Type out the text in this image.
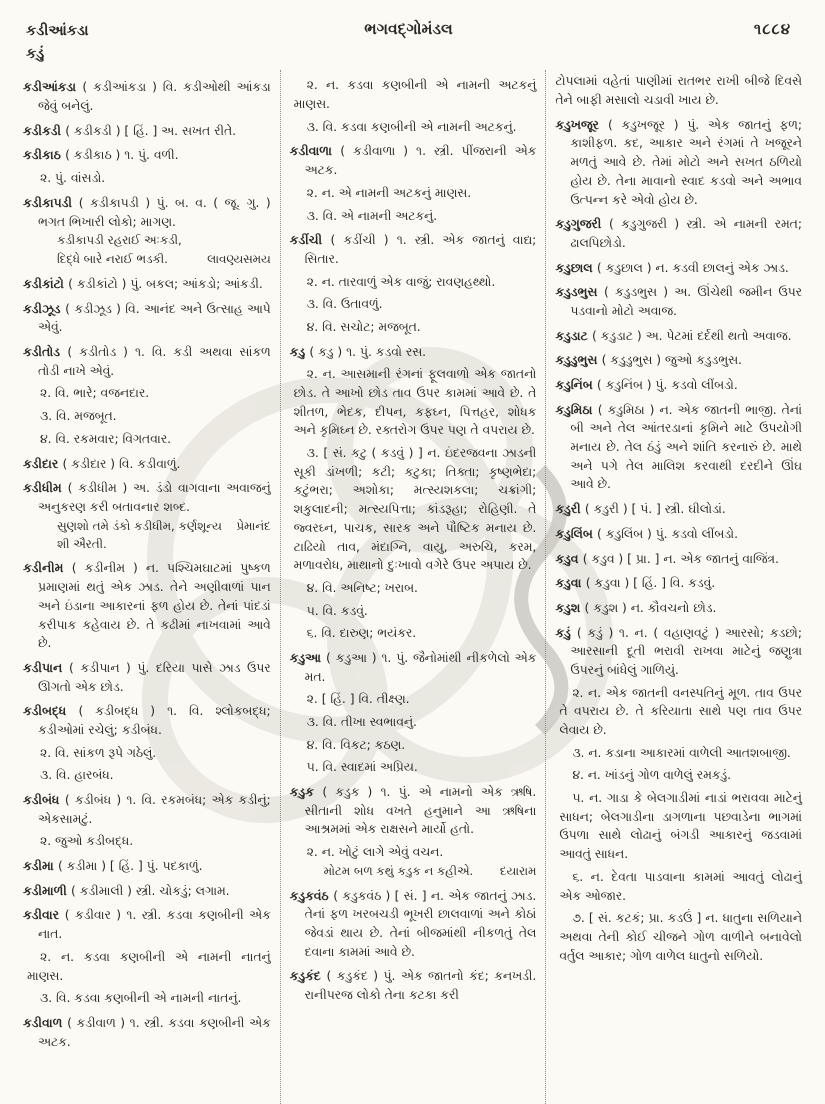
કડીઆંકડા
કડું
ભગવદ્ગોમંડલ	૧૮૮૪
કડીઆંકડા ( કડીઆંકડા ) વિ. કડીઓથી આંકડા જેવું બનેલું.
કડીકડી ( કડીકડી ) [ હિં. ] અ. સખત રીતે.
કડીકાઠ ( કડીકાઠ ) ૧. પું. વળી.
૨. પું. વાંસડો.
કડીકાપડી ( કડીકાપડી ) પું. બ. વ. ( જૂ. ગુ. ) ભગત ભિખારી લોકો; માગણ.
કડીકાપડી રહરાઈ અઃકડી,
લાવણ્યસમય
દિદ્ધે બારે નરાઈ ભડકી.
કડીકાંટો ( કડીકાંટો ) પું. બકલ; આંકડો; આંકડી.
કડીઝૂડ ( કડીઝૂડ ) વિ. આનંદ અને ઉત્સાહ આપે એવું.
કડીતોડ ( કડીતોડ ) ૧. વિ. કડી અથવા સાંકળ તોડી નાખે એવું.
૨. વિ. ભારે; વજનદાર.
૩. વિ. મજબૂત.
૪. વિ. રકમવાર; વિગતવાર.
કડીદાર ( કડીદાર ) વિ. કડીવાળું.
કડીધીમ ( કડીધીમ ) અ. ડંડો વાગવાના અવાજનું અનુકરણ કરી બતાવનાર શબ્દ.
પ્રેમાનંદ
સુણશો તમે ડંકો કડીધીમ, કર્ણશૂન્ય શી ઐરતી.
કડીનીમ ( કડીનીમ ) ન. પશ્ચિમઘાટમાં પુષ્કળ પ્રમાણમાં થતું એક ઝાડ. તેને અણીવાળાં પાન અને ઇંડાના આકારનાં ફળ હોય છે. તેનાં પાંદડાં કરીપાક કહેવાય છે. તે કઢીમાં નાખવામાં આવે છે.
કડીપાન ( કડીપાન ) પું. દરિયા પાસે ઝાડ ઉપર ઊગતો એક છોડ.
કડીબદ્ધ ( કડીબદ્ધ ) ૧. વિ. શ્લોકબદ્ધ; કડીઓમાં રચેલું; કડીબંધ.
૨. વિ. સાંકળ રૂપે ગઠેલું.
૩. વિ. હારબંધ.
કડીબંધ ( કડીબંધ ) ૧. વિ. રકમબંધ; એક કડીનું; એકસામટું.
૨. જુઓ કડીબદ્ધ.
કડીમા ( કડીમા ) [ હિં. ] પું. પદકાળું.
કડીમાળી ( કડીમાલી ) સ્ત્રી. ચોકડું; લગામ.
કડીવાર ( કડીવાર ) ૧. સ્ત્રી. કડવા કણબીની એક નાત.
૨. ન. કડવા કણબીની એ નામની નાતનું માણસ.
૩. વિ. કડવા કણબીની એ નામની નાતનું.
કડીવાળ ( કડીવાળ ) ૧. સ્ત્રી. કડવા કણબીની એક અટક.
૨. ન. કડવા કણબીની એ નામની અટકનું માણસ.
૩. વિ. કડવા કણબીની એ નામની અટકનું.
કડીવાળા ( કડીવાળા ) ૧. સ્ત્રી. પીંજરાની એક અટક.
૨. ન. એ નામની અટકનું માણસ.
૩. વિ. એ નામની અટકનું.
કડીંચી ( કડીંચી ) ૧. સ્ત્રી. એક જાતનું વાદ્ય; સિતાર.
૨. ન. તારવાળું એક વાજું; રાવણહથ્થો.
૩. વિ. ઉતાવળું.
૪. વિ. સચોટ; મજબૂત.
કડુ ( કડુ ) ૧. પું. કડવો રસ.
૨. ન. આસમાની રંગનાં ફૂલવાળો એક જાતનો છોડ. તે આખો છોડ તાવ ઉપર કામમાં આવે છે. તે શીતળ, ભેદક, દીપન, કફઘ્ન, પિત્તહર, શોધક અને કૃમિઘ્ન છે. રક્તરોગ ઉપર પણ તે વપરાય છે.
૩. [ સં. કટુ ( કડવું ) ] ન. ઇંદરજવના ઝાડની સૂકી ડાંખળી; કટી; કટુકા; તિક્તા; કૃષ્ણભેદા; કટુંભરા; અશોકા; મત્સ્યશકલા; ચક્રાંગી; શકુલાદની; મત્સ્યપિત્તા; કાંડરૂહા; રોહિણી. તે જ્વરઘ્ન, પાચક, સારક અને પૌષ્ટિક મનાય છે. ટાઢિયો તાવ, મંદાગ્નિ, વાયુ, અરુચિ, કરમ, મળાવરોધ, માથાનો દુઃખાવો વગેરે ઉપર અપાય છે.
૪. વિ. અનિષ્ટ; ખરાબ.
૫. વિ. કડવું.
૬. વિ. દારુણ; ભયંકર.
કડુઆ ( કડુઆ ) ૧. પું. જૈનોમાંથી નીકળેલો એક મત.
૨. [ હિં. ] વિ. તીક્ષ્ણ.
૩. વિ. તીખા સ્વભાવનું.
૪. વિ. વિકટ; કઠણ.
૫. વિ. સ્વાદમાં અપ્રિય.
કડુક ( કડુક ) ૧. પું. એ નામનો એક ઋષિ. સીતાની શોધ વખતે હનુમાને આ ઋષિના આશ્રમમાં એક રાક્ષસને માર્યો હતો.
૨. ન. ખોટું લાગે એવું વચન.
દયારામ
મોટમ બળ કથું કડુક ન કહીએ.
કડુકવંઠ ( કડુકવંઠ ) [ સં. ] ન. એક જાતનું ઝાડ. તેનાં ફળ ખરબચડી ભૂખરી છાલવાળાં અને કોઠાં જેવડાં થાય છે. તેનાં બીજમાંથી નીકળતું તેલ દવાના કામમાં આવે છે.
કડુકંદ ( કડુકંદ ) પું. એક જાતનો કંદ; કનખડી. રાનીપરજ લોકો તેના કટકા કરી
ટોપલામાં વહેતાં પાણીમાં રાતભર રાખી બીજે દિવસે તેને બાફી મસાલો ચડાવી ખાય છે.
કડુખજૂર ( કડુખજૂર ) પું. એક જાતનું ફળ; કાશીફળ. કદ, આકાર અને રંગમાં તે ખજૂરને મળતું આવે છે. તેમાં મોટો અને સખત ઠળિયો હોય છે. તેના માવાનો સ્વાદ કડવો અને અભાવ ઉત્પન્ન કરે એવો હોય છે.
કડુગુજરી ( કડુગુજરી ) સ્ત્રી. એ નામની રમત; ઢાલપિછોડો.
કડુછાલ ( કડુછાલ ) ન. કડવી છાલનું એક ઝાડ.
કડુડભુસ ( કડુડભુસ ) અ. ઊંચેથી જમીન ઉપર પડવાનો મોટો અવાજ.
કડુડાટ ( કડુડાટ ) અ. પેટમાં દર્દથી થતો અવાજ.
કડુડુભુસ ( કડુડુભુસ ) જુઓ કડુડભુસ.
કડુનિંબ ( કડુનિંબ ) પું. કડવો લીંબડો.
કડુમિઠા ( કડુમિઠા ) ન. એક જાતની ભાજી. તેનાં બી અને તેલ આંતરડાનાં કૃમિને માટે ઉપયોગી મનાય છે. તેલ ઠંડું અને શાંતિ કરનારું છે. માથે અને પગે તેલ માલિશ કરવાથી દરદીને ઊંઘ આવે છે.
કડુરી ( કડુરી ) [ પં. ] સ્ત્રી. ઘીલોડાં.
કડુલિંબ ( કડુલિંબ ) પું. કડવો લીંબડો.
કડુવ ( કડુવ ) [ પ્રા. ] ન. એક જાતનું વાજિંત્ર.
કડુવા ( કડુવા ) [ હિં. ] વિ. કડવું.
કડુશ ( કડુશ ) ન. કૌવચનો છોડ.
કડું ( કડું ) ૧. ન. ( વહાણવટું ) આરસો; કડછો; આરસાની દૂતી ભરાવી રાખવા માટેનું જણુત્રા ઉપરનું બાંધેલું ગાળિયું.
૨. ન. એક જાતની વનસ્પતિનું મૂળ. તાવ ઉપર તે વપરાય છે. તે કરિયાતા સાથે પણ તાવ ઉપર લેવાય છે.
૩. ન. કડાના આકારમાં વાળેલી આતશબાજી.
૪. ન. ખાંડનું ગોળ વાળેલું રમકડું.
૫. ન. ગાડા કે બેલગાડીમાં નાડાં ભરાવવા માટેનું સાધન; બેલગાડીના ડાગળાના પછવાડેના ભાગમાં ઉપળા સાથે લોઢાનું બંગડી આકારનું જડવામાં આવતું સાધન.
૬. ન. દેવતા પાડવાના કામમાં આવતું લોઢાનું એક ઓજાર.
૭. [ સં. કટકં; પ્રા. કડઉં ] ન. ધાતુના સળિયાને અથવા તેની કોઈ ચીજને ગોળ વાળીને બનાવેલો વર્તુલ આકાર; ગોળ વાળેલ ધાતુનો સળિયો.
